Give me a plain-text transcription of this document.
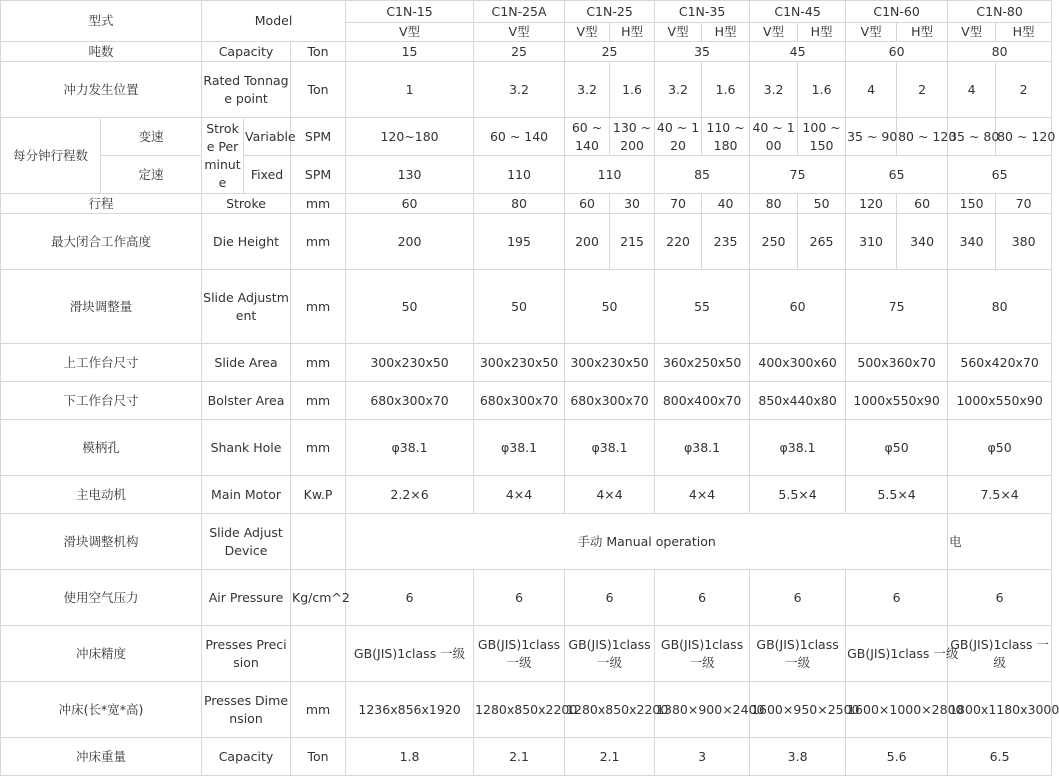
型式		Model			C1N-15	C1N-25A	C1N-25		C1N-35		C1N-45		C1N-60		C1N-80	
					V型	V型	V型	H型	V型	H型	V型	H型	V型	H型	V型	H型
吨数		Capacity		Ton	15	25	25		35		45		60		80	
冲力发生位置		Rated Tonnage point		Ton	1	3.2	3.2	1.6	3.2	1.6	3.2	1.6	4	2	4	2
每分钟行程数	变速	Stroke Per minute	Variable	SPM	120~180	60 ~ 140	60 ~ 140	130 ~ 200	40 ~ 120	110 ~ 180	40 ~ 100	100 ~ 150	35 ~ 90	80 ~ 120	35 ~ 80	80 ~ 120
	定速		Fixed	SPM	130	110	110		85		75		65		65	
行程		Stroke		mm	60	80	60	30	70	40	80	50	120	60	150	70
最大闭合工作高度		Die Height		mm	200	195	200	215	220	235	250	265	310	340	340	380
滑块调整量		Slide Adjustment		mm	50	50	50		55		60		75		80	
上工作台尺寸		Slide Area		mm	300x230x50	300x230x50	300x230x50		360x250x50		400x300x60		500x360x70		560x420x70	
下工作台尺寸		Bolster Area		mm	680x300x70	680x300x70	680x300x70		800x400x70		850x440x80		1000x550x90		1000x550x90	
模柄孔		Shank Hole		mm	φ38.1	φ38.1	φ38.1		φ38.1		φ38.1		φ50		φ50	
主电动机		Main Motor		Kw.P	2.2×6	4×4	4×4		4×4		5.5×4		5.5×4		7.5×4	
滑块调整机构		Slide Adjust Device			手动 Manual operation										电	
使用空气压力		Air Pressure		Kg/cm^2	6	6	6		6		6		6		6	
冲床精度		Presses Precision			GB(JIS)1class 一级	GB(JIS)1class 一级	GB(JIS)1class 一级		GB(JIS)1class 一级		GB(JIS)1class 一级		GB(JIS)1class 一级		GB(JIS)1class 一级	
冲床(长*宽*高)		Presses Dimension		mm	1236x856x1920	1280x850x2200	1280x850x2200		1380×900×2400		1600×950×2500		1600×1000×2800		1800x1180x3000	
冲床重量		Capacity		Ton	1.8	2.1	2.1		3		3.8		5.6		6.5	
